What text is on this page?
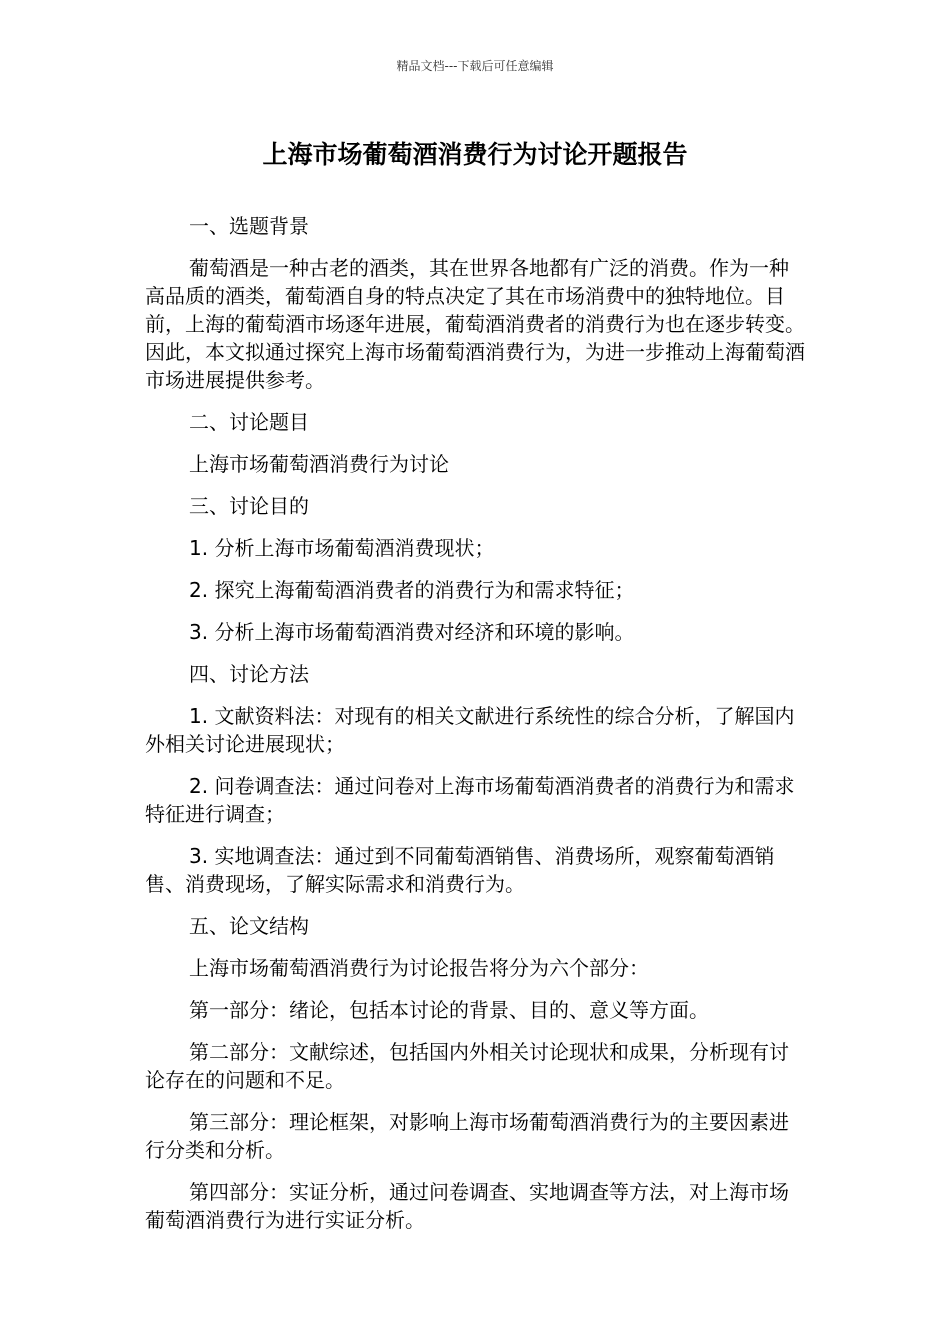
精品文档---下载后可任意编辑
上海市场葡萄酒消费行为讨论开题报告

一、选题背景

葡萄酒是一种古老的酒类，其在世界各地都有广泛的消费。作为一种高品质的酒类，葡萄酒自身的特点决定了其在市场消费中的独特地位。目前，上海的葡萄酒市场逐年进展，葡萄酒消费者的消费行为也在逐步转变。因此，本文拟通过探究上海市场葡萄酒消费行为，为进一步推动上海葡萄酒市场进展提供参考。

二、讨论题目

上海市场葡萄酒消费行为讨论

三、讨论目的

1. 分析上海市场葡萄酒消费现状；

2. 探究上海葡萄酒消费者的消费行为和需求特征；

3. 分析上海市场葡萄酒消费对经济和环境的影响。

四、讨论方法

1. 文献资料法：对现有的相关文献进行系统性的综合分析，了解国内外相关讨论进展现状；

2. 问卷调查法：通过问卷对上海市场葡萄酒消费者的消费行为和需求特征进行调查；

3. 实地调查法：通过到不同葡萄酒销售、消费场所，观察葡萄酒销售、消费现场，了解实际需求和消费行为。

五、论文结构

上海市场葡萄酒消费行为讨论报告将分为六个部分：

第一部分：绪论，包括本讨论的背景、目的、意义等方面。

第二部分：文献综述，包括国内外相关讨论现状和成果，分析现有讨论存在的问题和不足。

第三部分：理论框架，对影响上海市场葡萄酒消费行为的主要因素进行分类和分析。

第四部分：实证分析，通过问卷调查、实地调查等方法，对上海市场葡萄酒消费行为进行实证分析。
